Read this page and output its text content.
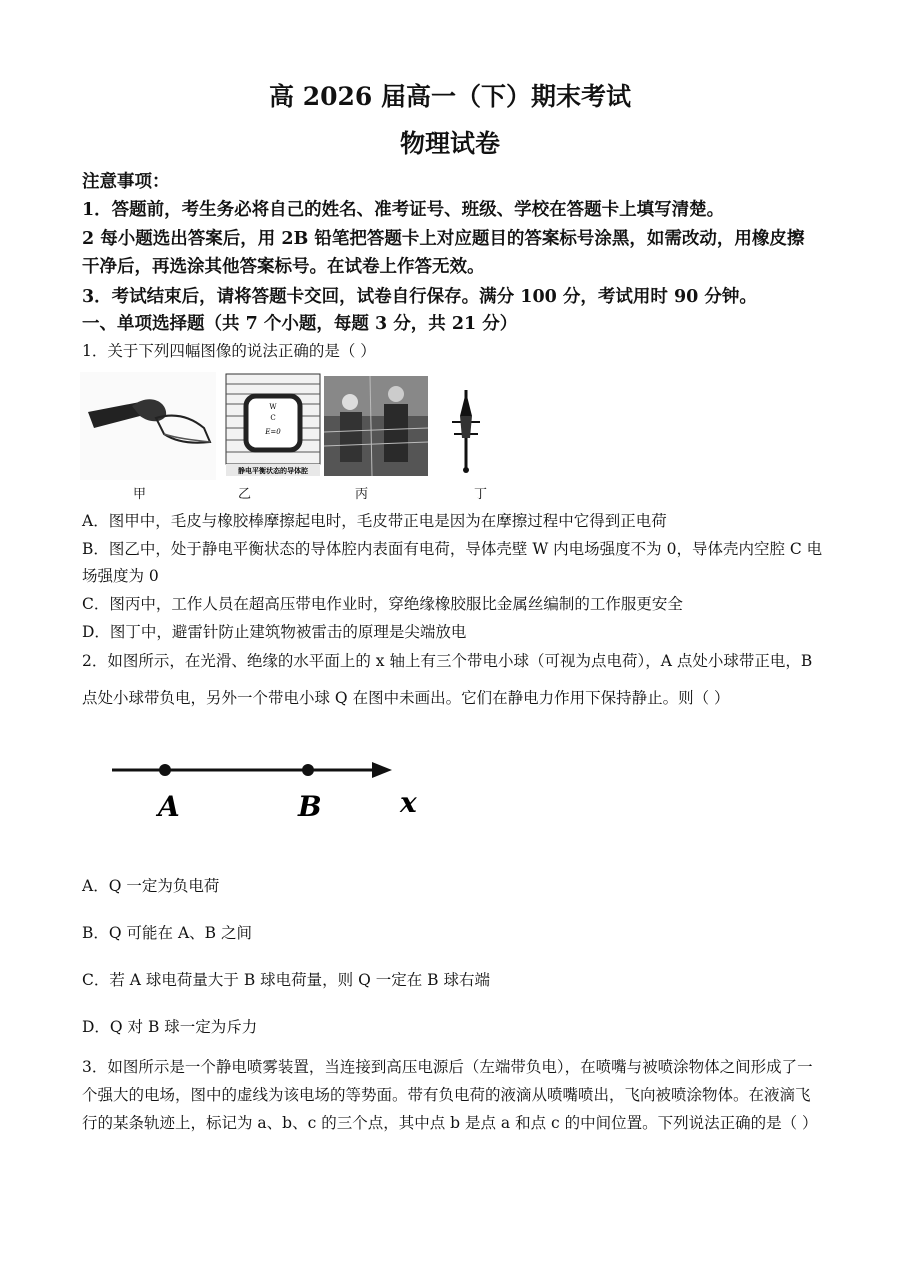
高 2026 届高一（下）期末考试
物理试卷
注意事项：
1．答题前，考生务必将自己的姓名、准考证号、班级、学校在答题卡上填写清楚。
2 每小题选出答案后，用 2B 铅笔把答题卡上对应题目的答案标号涂黑，如需改动，用橡皮擦
干净后，再选涂其他答案标号。在试卷上作答无效。
3．考试结束后，请将答题卡交回，试卷自行保存。满分 100 分，考试用时 90 分钟。
一、单项选择题（共 7 个小题，每题 3 分，共 21 分）
1．关于下列四幅图像的说法正确的是（ ）
W
C
E=0
静电平衡状态的导体腔
甲	乙	丙	丁
A．图甲中，毛皮与橡胶棒摩擦起电时，毛皮带正电是因为在摩擦过程中它得到正电荷
B．图乙中，处于静电平衡状态的导体腔内表面有电荷，导体壳壁 W 内电场强度不为 0，导体壳内空腔 C 电
场强度为 0
C．图丙中，工作人员在超高压带电作业时，穿绝缘橡胶服比金属丝编制的工作服更安全
D．图丁中，避雷针防止建筑物被雷击的原理是尖端放电
2．如图所示，在光滑、绝缘的水平面上的 x 轴上有三个带电小球（可视为点电荷），A 点处小球带正电，B
点处小球带负电，另外一个带电小球 Q 在图中未画出。它们在静电力作用下保持静止。则（ ）
A	B	x
A．Q 一定为负电荷
B．Q 可能在 A、B 之间
C．若 A 球电荷量大于 B 球电荷量，则 Q 一定在 B 球右端
D．Q 对 B 球一定为斥力
3．如图所示是一个静电喷雾装置，当连接到高压电源后（左端带负电），在喷嘴与被喷涂物体之间形成了一
个强大的电场，图中的虚线为该电场的等势面。带有负电荷的液滴从喷嘴喷出，飞向被喷涂物体。在液滴飞
行的某条轨迹上，标记为 a、b、c 的三个点，其中点 b 是点 a 和点 c 的中间位置。下列说法正确的是（ ）
